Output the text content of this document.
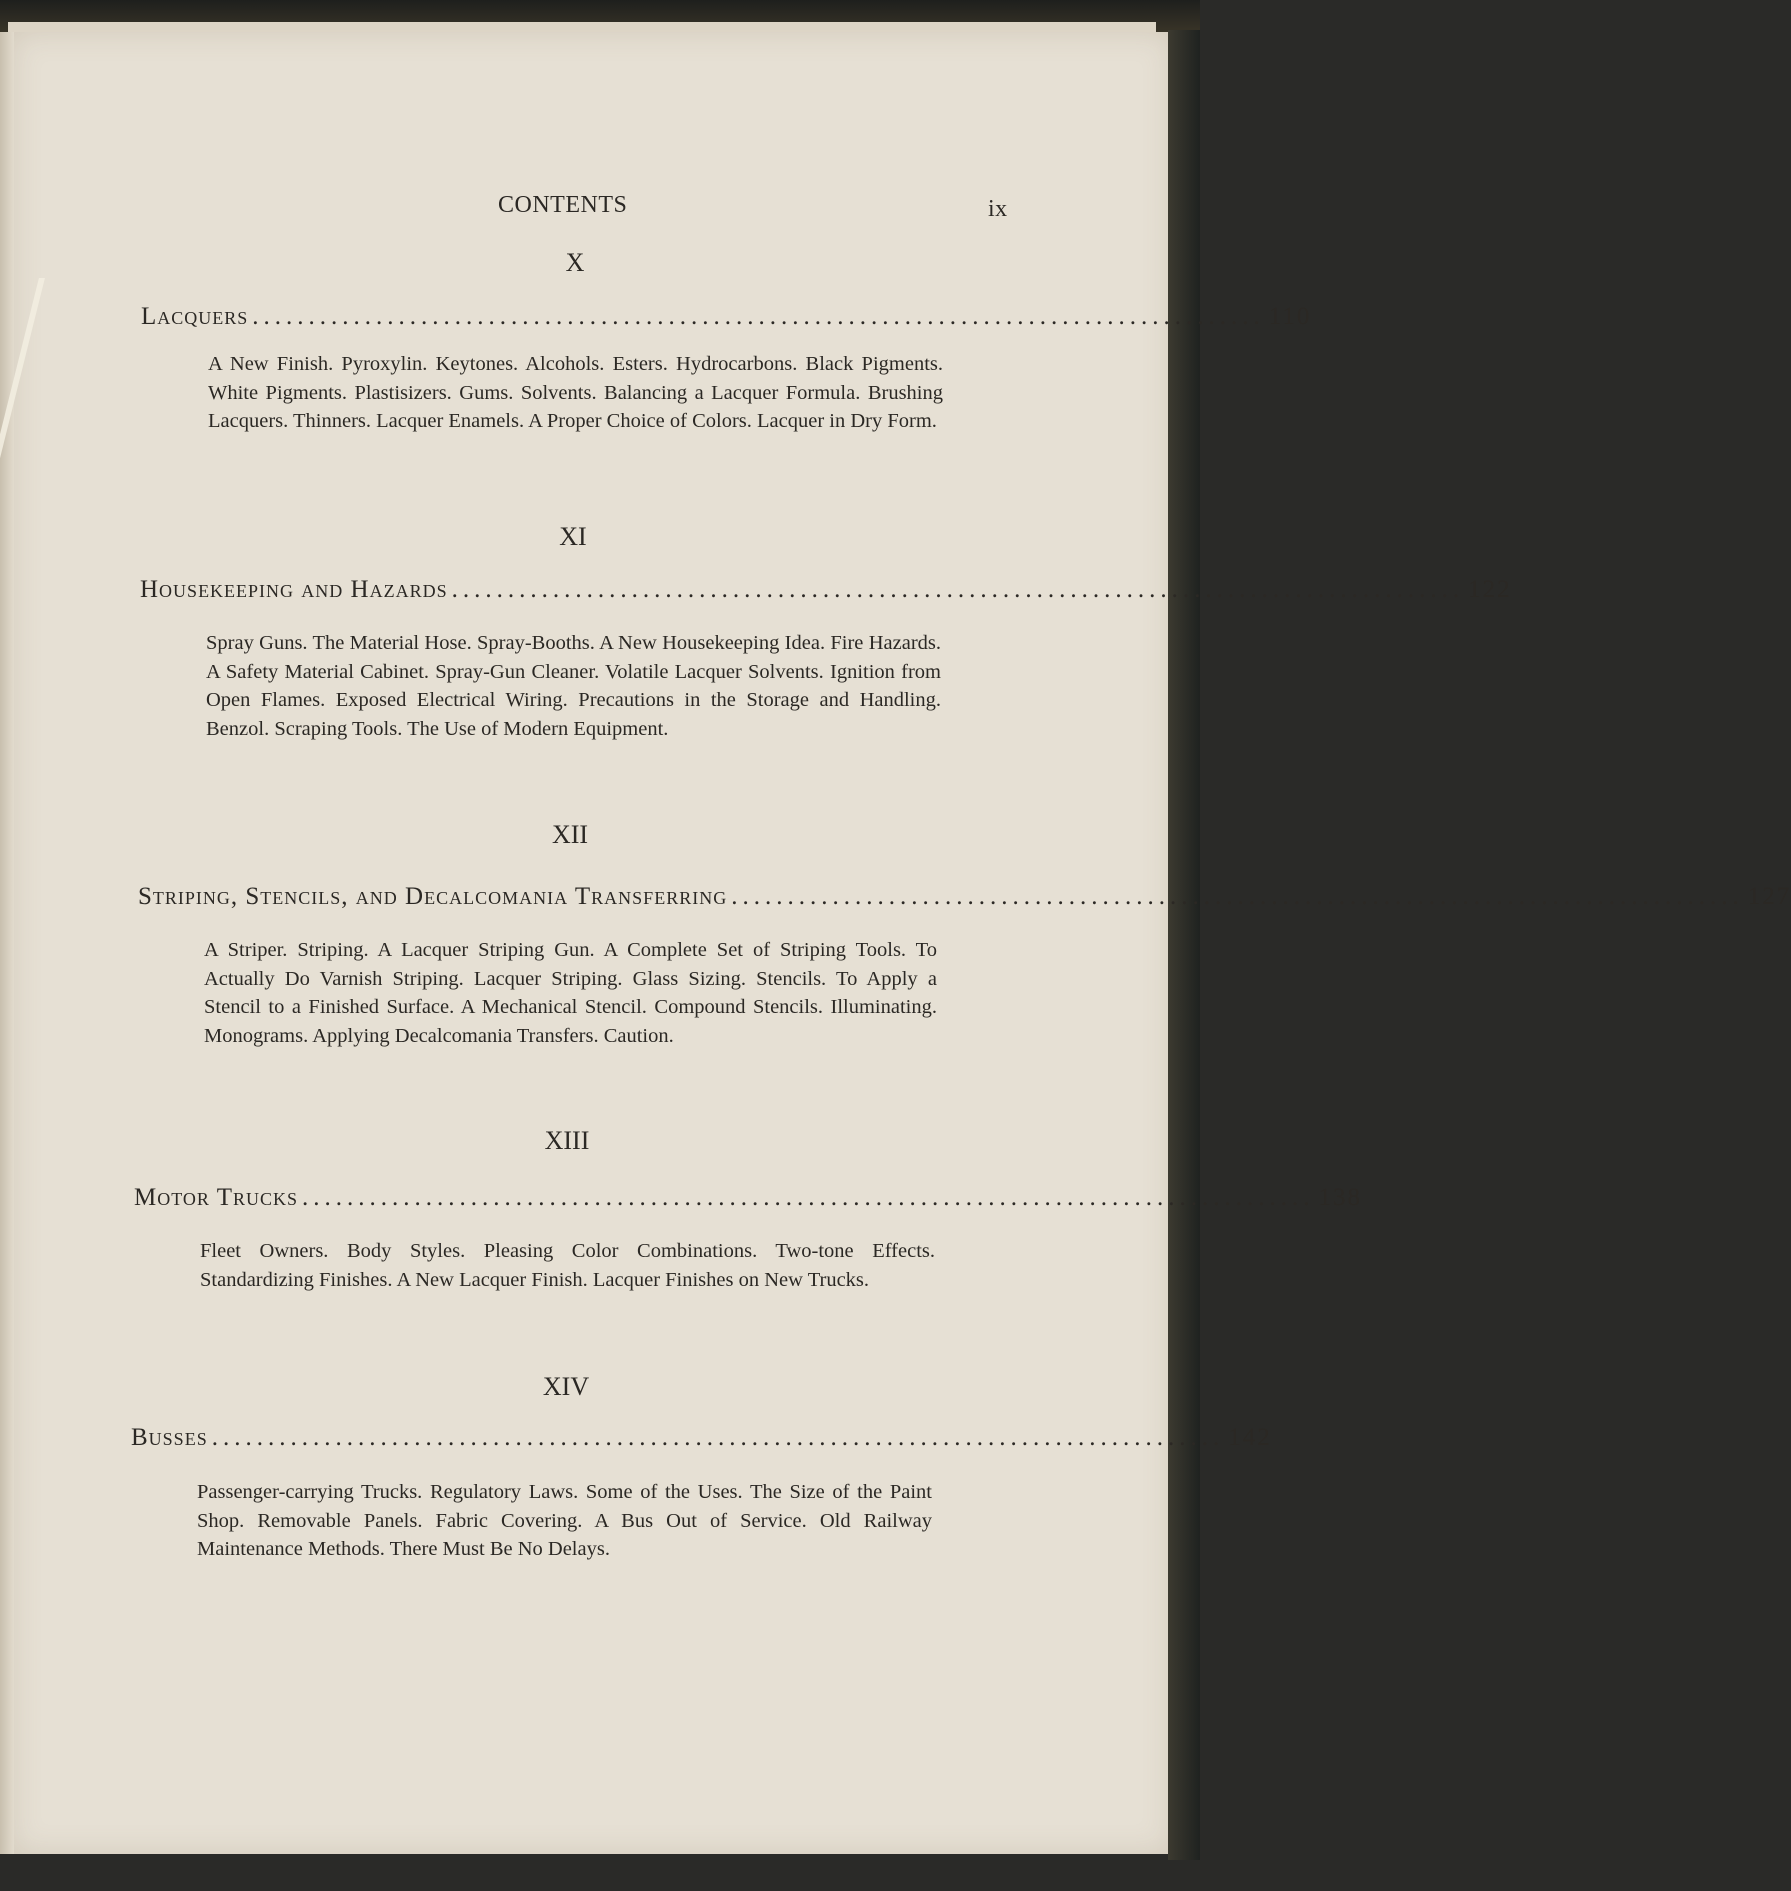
CONTENTS	ix
X
Lacquers .......................................................................................... 110
A New Finish. Pyroxylin. Keytones. Alcohols. Esters. Hydrocarbons. Black Pigments. White Pigments. Plastisizers. Gums. Solvents. Balancing a Lacquer Formula. Brushing Lacquers. Thinners. Lacquer Enamels. A Proper Choice of Colors. Lacquer in Dry Form.
XI
Housekeeping and Hazards .......................................................................................... 122
Spray Guns. The Material Hose. Spray-Booths. A New Housekeeping Idea. Fire Hazards. A Safety Material Cabinet. Spray-Gun Cleaner. Volatile Lacquer Solvents. Ignition from Open Flames. Exposed Electrical Wiring. Precautions in the Storage and Handling. Benzol. Scraping Tools. The Use of Modern Equipment.
XII
Striping, Stencils, and Decalcomania Transferring .......................................................................................... 127
A Striper. Striping. A Lacquer Striping Gun. A Complete Set of Striping Tools. To Actually Do Varnish Striping. Lacquer Striping. Glass Sizing. Stencils. To Apply a Stencil to a Finished Surface. A Mechanical Stencil. Compound Stencils. Illuminating. Monograms. Applying Decalcomania Transfers. Caution.
XIII
Motor Trucks .......................................................................................... 138
Fleet Owners. Body Styles. Pleasing Color Combinations. Two-tone Effects. Standardizing Finishes. A New Lacquer Finish. Lacquer Finishes on New Trucks.
XIV
Busses .......................................................................................... 142
Passenger-carrying Trucks. Regulatory Laws. Some of the Uses. The Size of the Paint Shop. Removable Panels. Fabric Covering. A Bus Out of Service. Old Railway Maintenance Methods. There Must Be No Delays.
